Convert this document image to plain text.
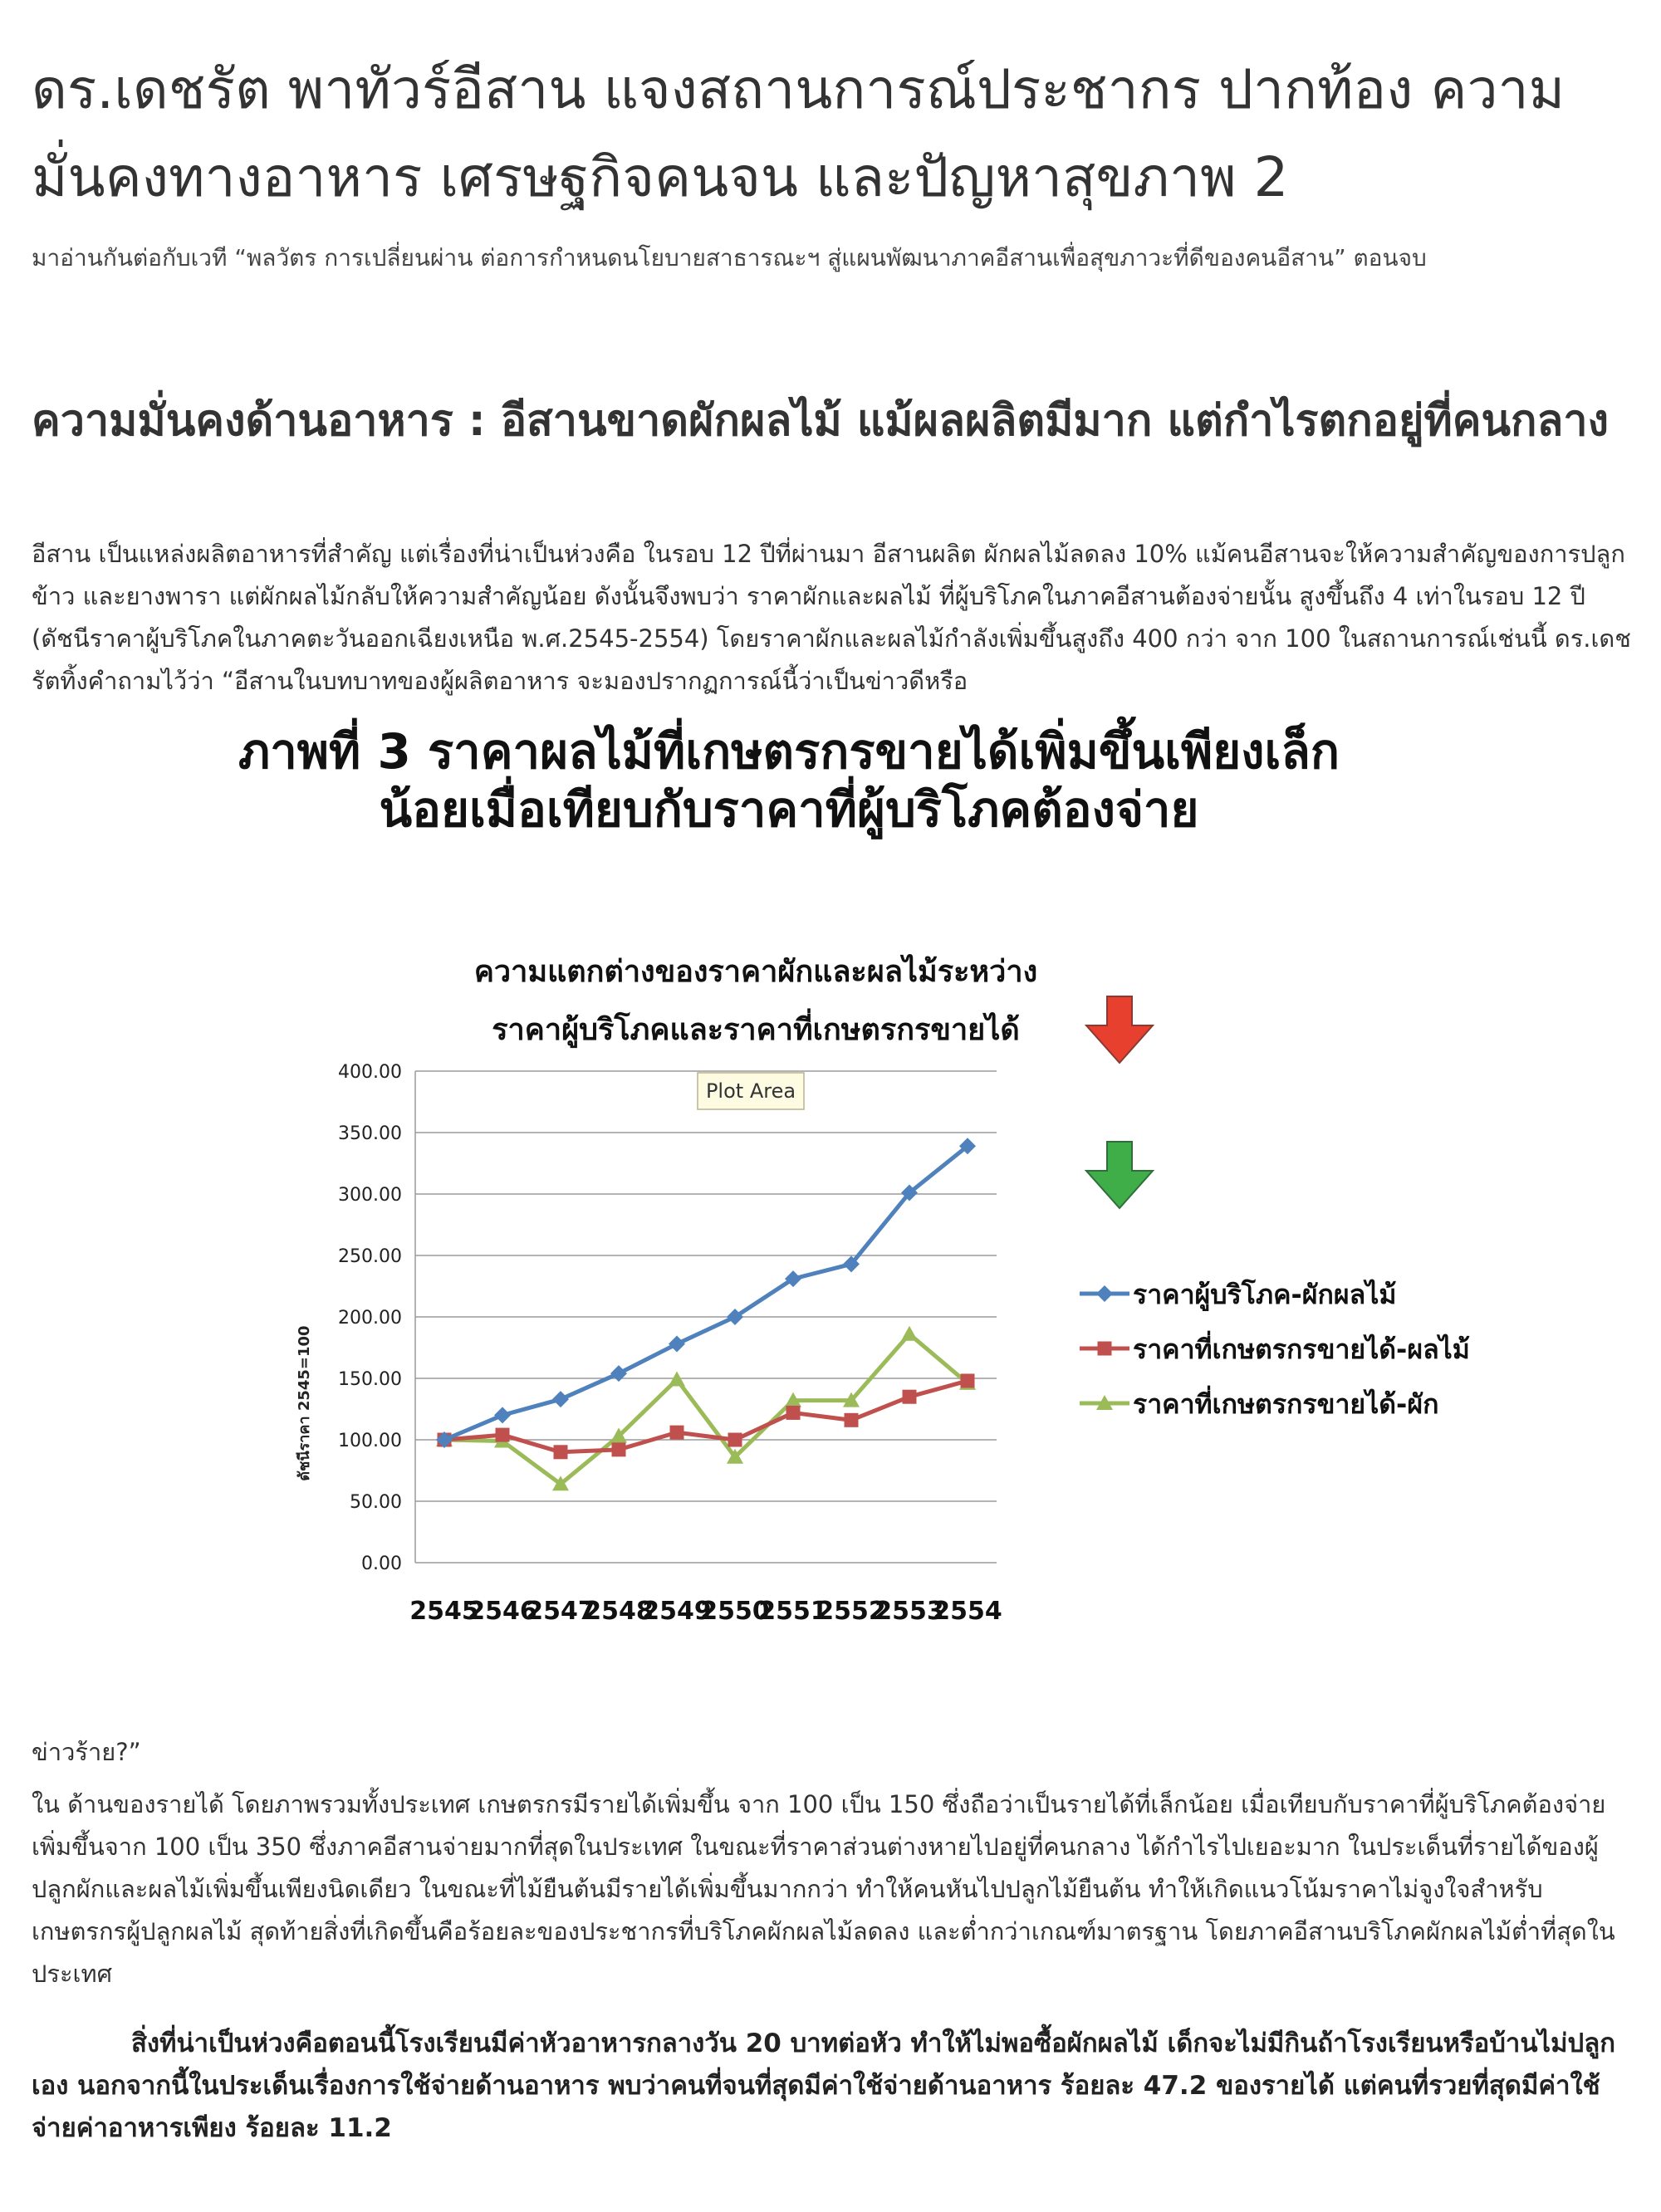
ดร.เดชรัต พาทัวร์อีสาน แจงสถานการณ์ประชากร ปากท้อง ความมั่นคงทางอาหาร เศรษฐกิจคนจน และปัญหาสุขภาพ 2

มาอ่านกันต่อกับเวที “พลวัตร การเปลี่ยนผ่าน ต่อการกำหนดนโยบายสาธารณะฯ สู่แผนพัฒนาภาคอีสานเพื่อสุขภาวะที่ดีของคนอีสาน” ตอนจบ

ความมั่นคงด้านอาหาร : อีสานขาดผักผลไม้ แม้ผลผลิตมีมาก แต่กำไรตกอยู่ที่คนกลาง

อีสาน เป็นแหล่งผลิตอาหารที่สำคัญ แต่เรื่องที่น่าเป็นห่วงคือ ในรอบ 12 ปีที่ผ่านมา อีสานผลิต ผักผลไม้ลดลง 10% แม้คนอีสานจะให้ความสำคัญของการปลูกข้าว และยางพารา แต่ผักผลไม้กลับให้ความสำคัญน้อย ดังนั้นจึงพบว่า ราคาผักและผลไม้ ที่ผู้บริโภคในภาคอีสานต้องจ่ายนั้น สูงขึ้นถึง 4 เท่าในรอบ 12 ปี (ดัชนีราคาผู้บริโภคในภาคตะวันออกเฉียงเหนือ พ.ศ.2545-2554) โดยราคาผักและผลไม้กำลังเพิ่มขึ้นสูงถึง 400 กว่า จาก 100 ในสถานการณ์เช่นนี้ ดร.เดชรัตทิ้งคำถามไว้ว่า “อีสานในบทบาทของผู้ผลิตอาหาร จะมองปรากฏการณ์นี้ว่าเป็นข่าวดีหรือ

ข่าวร้าย?”

ใน ด้านของรายได้ โดยภาพรวมทั้งประเทศ เกษตรกรมีรายได้เพิ่มขึ้น จาก 100 เป็น 150 ซึ่งถือว่าเป็นรายได้ที่เล็กน้อย เมื่อเทียบกับราคาที่ผู้บริโภคต้องจ่ายเพิ่มขึ้นจาก 100 เป็น 350 ซึ่งภาคอีสานจ่ายมากที่สุดในประเทศ ในขณะที่ราคาส่วนต่างหายไปอยู่ที่คนกลาง ได้กำไรไปเยอะมาก ในประเด็นที่รายได้ของผู้ปลูกผักและผลไม้เพิ่มขึ้นเพียงนิดเดียว ในขณะที่ไม้ยืนต้นมีรายได้เพิ่มขึ้นมากกว่า ทำให้คนหันไปปลูกไม้ยืนต้น ทำให้เกิดแนวโน้มราคาไม่จูงใจสำหรับเกษตรกรผู้ปลูกผลไม้ สุดท้ายสิ่งที่เกิดขึ้นคือร้อยละของประชากรที่บริโภคผักผลไม้ลดลง และต่ำกว่าเกณฑ์มาตรฐาน โดยภาคอีสานบริโภคผักผลไม้ต่ำที่สุดในประเทศ

สิ่งที่น่าเป็นห่วงคือตอนนี้โรงเรียนมีค่าหัวอาหารกลางวัน 20 บาทต่อหัว ทำให้ไม่พอซื้อผักผลไม้ เด็กจะไม่มีกินถ้าโรงเรียนหรือบ้านไม่ปลูกเอง นอกจากนี้ในประเด็นเรื่องการใช้จ่ายด้านอาหาร พบว่าคนที่จนที่สุดมีค่าใช้จ่ายด้านอาหาร ร้อยละ 47.2 ของรายได้ แต่คนที่รวยที่สุดมีค่าใช้จ่ายค่าอาหารเพียง ร้อยละ 11.2

ภาพที่ 3 ราคาผลไม้ที่เกษตรกรขายได้เพิ่มขึ้นเพียงเล็ก
น้อยเมื่อเทียบกับราคาที่ผู้บริโภคต้องจ่าย
ความแตกต่างของราคาผักและผลไม้ระหว่าง
ราคาผู้บริโภคและราคาที่เกษตรกรขายได้
ดัชนีราคา 2545=100
0.00
50.00
100.00
150.00
200.00
250.00
300.00
350.00
400.00
2545
2546
2547
2548
2549
2550
2551
2552
2553
2554
Plot Area
ราคาผู้บริโภค-ผักผลไม้
ราคาที่เกษตรกรขายได้-ผลไม้
ราคาที่เกษตรกรขายได้-ผัก
